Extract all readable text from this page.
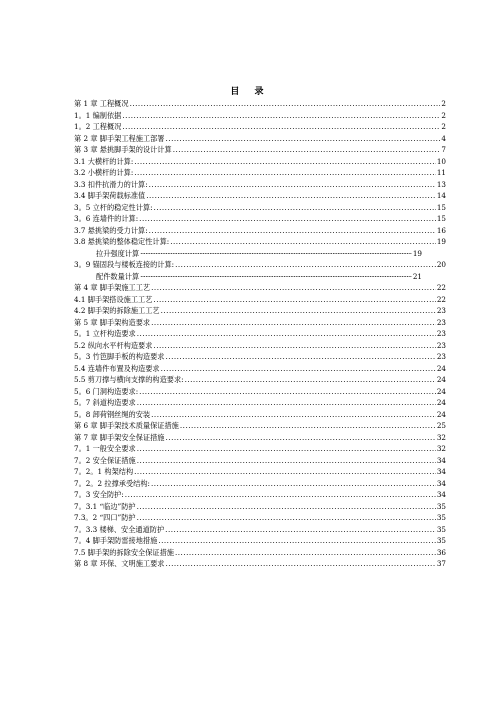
目 录
第 1 章 工程概况 .....	2
1。1 编制依据 .....	2
1。2 工程概况 .....	2
第 2 章 脚手架工程施工部署 .....	4
第 3 章 悬挑脚手架的设计计算 .....	7
3.1 大横杆的计算: .....	10
3.2 小横杆的计算: .....	11
3.3 扣件抗滑力的计算: .....	13
3.4 脚手架荷载标准值 .....	14
3。5 立杆的稳定性计算: .....	15
3。6 连墙件的计算: .....	15
3.7 悬挑梁的受力计算: .....	16
3.8 悬挑梁的整体稳定性计算: .....	19
拉升强度计算 ·····	19
3。9 锚固段与楼板连接的计算: .....	20
配件数量计算 ·····	21
第 4 章 脚手架施工工艺 .....	22
4.1 脚手架搭设施工工艺 .....	22
4.2 脚手架的拆除施工工艺 .....	23
第 5 章 脚手架构造要求 .....	23
5。1 立杆构造要求 .....	23
5.2 纵向水平杆构造要求 .....	23
5。3 竹笆脚手板的构造要求 .....	23
5.4 连墙件布置及构造要求 .....	24
5.5 剪刀撑与横向支撑的构造要求: .....	24
5。6 门洞构造要求: .....	24
5。7 斜道构造要求 .....	24
5。8 卸荷钢丝绳的安装 .....	24
第 6 章 脚手架技术质量保证措施 .....	25
第 7 章 脚手架安全保证措施 .....	32
7。1 一般安全要求 .....	32
7。2 安全保证措施 .....	34
7。2。1 构架结构 .....	34
7。2。2 拉撑承受结构: .....	34
7。3 安全防护: .....	34
7。3.1 “临边”防护 .....	35
7.3。2 “四口”防护 .....	35
7。3.3 楼梯、安全通道防护 .....	35
7。4 脚手架防雷接地措施 .....	35
7.5 脚手架的拆除安全保证措施 .....	36
第 8 章 环保、文明施工要求 .....	37
